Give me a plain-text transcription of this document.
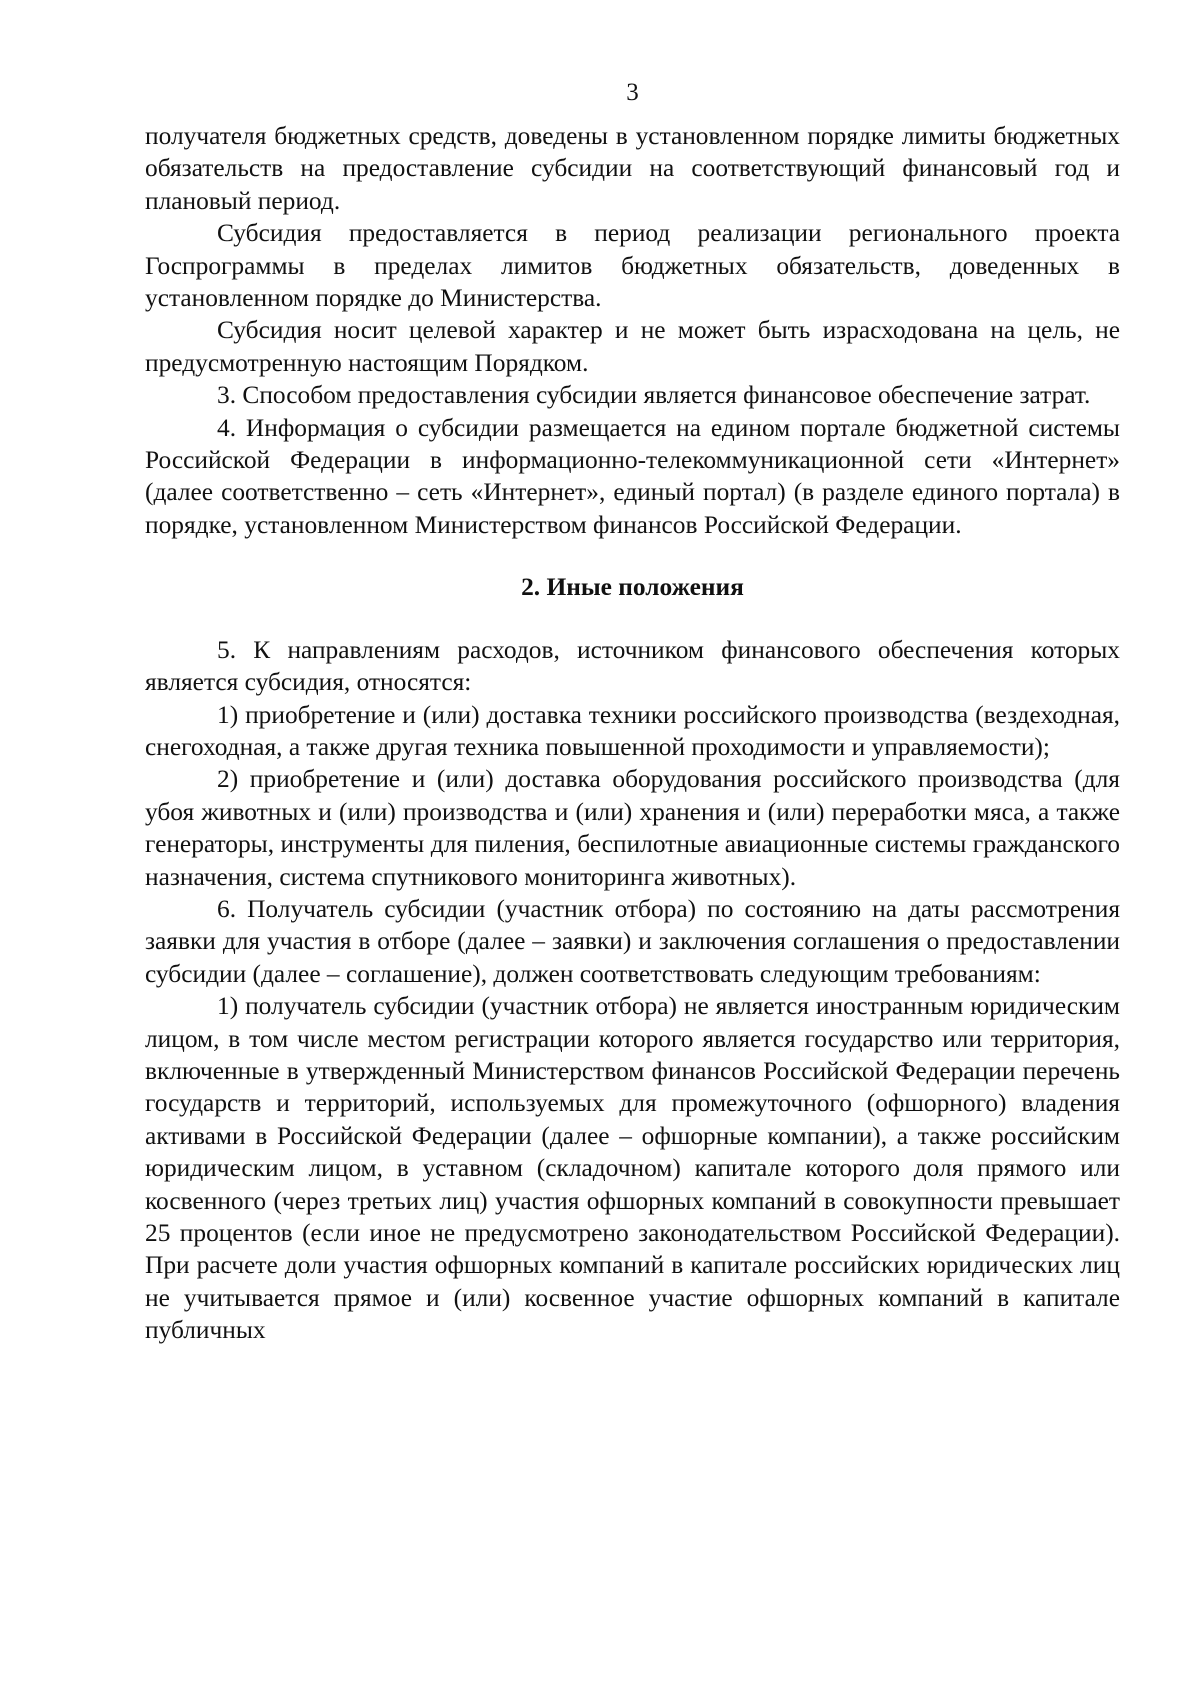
3

получателя бюджетных средств, доведены в установленном порядке лимиты бюджетных обязательств на предоставление субсидии на соответствующий финансовый год и плановый период.

Субсидия предоставляется в период реализации регионального проекта Госпрограммы в пределах лимитов бюджетных обязательств, доведенных в установленном порядке до Министерства.

Субсидия носит целевой характер и не может быть израсходована на цель, не предусмотренную настоящим Порядком.

3. Способом предоставления субсидии является финансовое обеспечение затрат.

4. Информация о субсидии размещается на едином портале бюджетной системы Российской Федерации в информационно-телекоммуникационной сети «Интернет» (далее соответственно – сеть «Интернет», единый портал) (в разделе единого портала) в порядке, установленном Министерством финансов Российской Федерации.

2. Иные положения

5. К направлениям расходов, источником финансового обеспечения которых является субсидия, относятся:

1) приобретение и (или) доставка техники российского производства (вездеходная, снегоходная, а также другая техника повышенной проходимости и управляемости);

2) приобретение и (или) доставка оборудования российского производства (для убоя животных и (или) производства и (или) хранения и (или) переработки мяса, а также генераторы, инструменты для пиления, беспилотные авиационные системы гражданского назначения, система спутникового мониторинга животных).

6. Получатель субсидии (участник отбора) по состоянию на даты рассмотрения заявки для участия в отборе (далее – заявки) и заключения соглашения о предоставлении субсидии (далее – соглашение), должен соответствовать следующим требованиям:

1) получатель субсидии (участник отбора) не является иностранным юридическим лицом, в том числе местом регистрации которого является государство или территория, включенные в утвержденный Министерством финансов Российской Федерации перечень государств и территорий, используемых для промежуточного (офшорного) владения активами в Российской Федерации (далее – офшорные компании), а также российским юридическим лицом, в уставном (складочном) капитале которого доля прямого или косвенного (через третьих лиц) участия офшорных компаний в совокупности превышает 25 процентов (если иное не предусмотрено законодательством Российской Федерации). При расчете доли участия офшорных компаний в капитале российских юридических лиц не учитывается прямое и (или) косвенное участие офшорных компаний в капитале публичных
